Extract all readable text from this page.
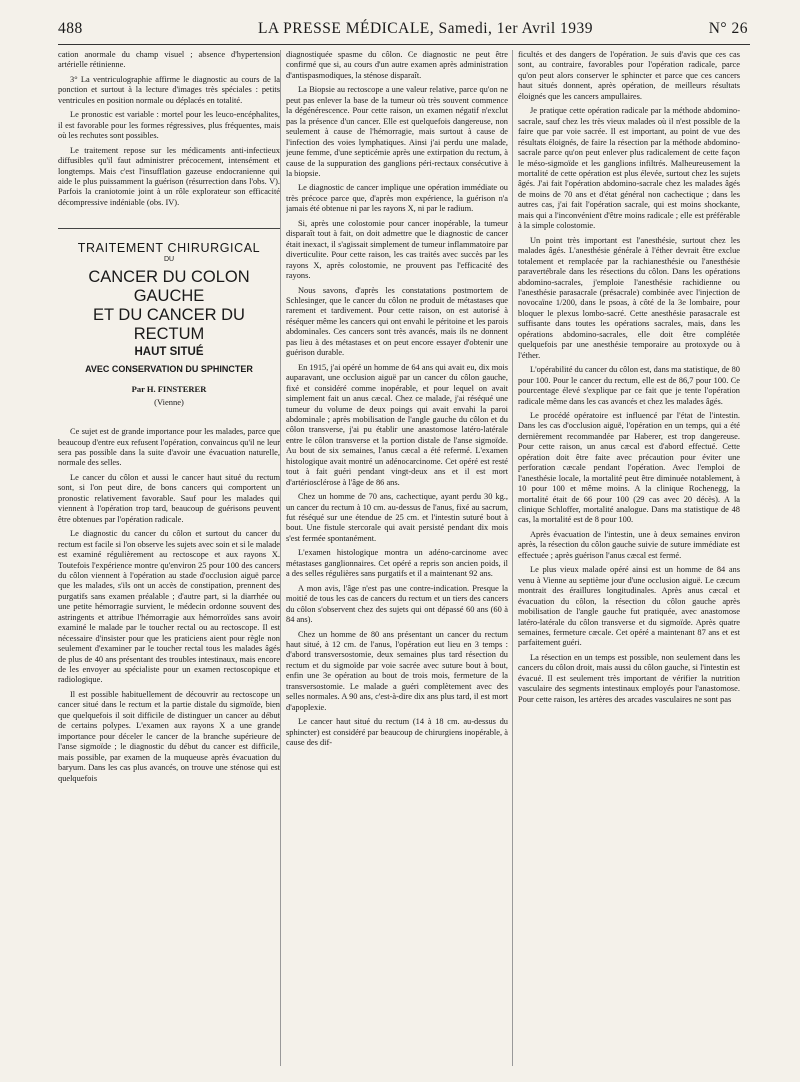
488	LA PRESSE MÉDICALE, Samedi, 1er Avril 1939	N° 26

cation anormale du champ visuel ; absence d'hypertension artérielle rétinienne.

3° La ventriculographie affirme le diagnostic au cours de la ponction et surtout à la lecture d'images très spéciales : petits ventricules en position normale ou déplacés en totalité.

Le pronostic est variable : mortel pour les leuco-encéphalites, il est favorable pour les formes régressives, plus fréquentes, mais où les rechutes sont possibles.

Le traitement repose sur les médicaments anti-infectieux diffusibles qu'il faut administrer précocement, intensément et longtemps. Mais c'est l'insufflation gazeuse endocranienne qui aide le plus puissamment la guérison (résurrection dans l'obs. V). Parfois la craniotomie joint à un rôle explorateur son efficacité décompressive indéniable (obs. IV).

TRAITEMENT CHIRURGICAL
DU
CANCER DU COLON GAUCHE
ET DU CANCER DU RECTUM
HAUT SITUÉ
AVEC CONSERVATION DU SPHINCTER
Par H. FINSTERER
(Vienne)

Ce sujet est de grande importance pour les malades, parce que beaucoup d'entre eux refusent l'opération, convaincus qu'il ne leur sera pas possible dans la suite d'avoir une évacuation naturelle, normale des selles.

Le cancer du côlon et aussi le cancer haut situé du rectum sont, si l'on peut dire, de bons cancers qui comportent un pronostic relativement favorable. Sauf pour les malades qui viennent à l'opération trop tard, beaucoup de guérisons peuvent être obtenues par l'opération radicale.

Le diagnostic du cancer du côlon et surtout du cancer du rectum est facile si l'on observe les sujets avec soin et si le malade est examiné régulièrement au rectoscope et aux rayons X. Toutefois l'expérience montre qu'environ 25 pour 100 des cancers du côlon viennent à l'opération au stade d'occlusion aiguë parce que les malades, s'ils ont un accès de constipation, prennent des purgatifs sans examen préalable ; d'autre part, si la diarrhée ou une petite hémorragie survient, le médecin ordonne souvent des astringents et attribue l'hémorragie aux hémorroïdes sans avoir examiné le malade par le toucher rectal ou au rectoscope. Il est nécessaire d'insister pour que les praticiens aient pour règle non seulement d'examiner par le toucher rectal tous les malades âgés de plus de 40 ans présentant des troubles intestinaux, mais encore de les envoyer au spécialiste pour un examen rectoscopique et radiologique.

Il est possible habituellement de découvrir au rectoscope un cancer situé dans le rectum et la partie distale du sigmoïde, bien que quelquefois il soit difficile de distinguer un cancer au début de certains polypes. L'examen aux rayons X a une grande importance pour déceler le cancer de la branche supérieure de l'anse sigmoïde ; le diagnostic du début du cancer est difficile, mais possible, par examen de la muqueuse après évacuation du baryum. Dans les cas plus avancés, on trouve une sténose qui est quelquefois

diagnostiquée spasme du côlon. Ce diagnostic ne peut être confirmé que si, au cours d'un autre examen après administration d'antispasmodiques, la sténose disparaît.

La Biopsie au rectoscope a une valeur relative, parce qu'on ne peut pas enlever la base de la tumeur où très souvent commence la dégénérescence. Pour cette raison, un examen négatif n'exclut pas la présence d'un cancer. Elle est quelquefois dangereuse, non seulement à cause de l'hémorragie, mais surtout à cause de l'infection des voies lymphatiques. Ainsi j'ai perdu une malade, jeune femme, d'une septicémie après une extirpation du rectum, à cause de la suppuration des ganglions péri-rectaux consécutive à la biopsie.

Le diagnostic de cancer implique une opération immédiate ou très précoce parce que, d'après mon expérience, la guérison n'a jamais été obtenue ni par les rayons X, ni par le radium.

Si, après une colostomie pour cancer inopérable, la tumeur disparaît tout à fait, on doit admettre que le diagnostic de cancer était inexact, il s'agissait simplement de tumeur inflammatoire par diverticulite. Pour cette raison, les cas traités avec succès par les rayons X, après colostomie, ne prouvent pas l'efficacité des rayons.

Nous savons, d'après les constatations postmortem de Schlesinger, que le cancer du côlon ne produit de métastases que rarement et tardivement. Pour cette raison, on est autorisé à réséquer même les cancers qui ont envahi le péritoine et les parois abdominales. Ces cancers sont très avancés, mais ils ne donnent pas lieu à des métastases et on peut encore essayer d'obtenir une guérison durable.

En 1915, j'ai opéré un homme de 64 ans qui avait eu, dix mois auparavant, une occlusion aiguë par un cancer du côlon gauche, fixé et considéré comme inopérable, et pour lequel on avait simplement fait un anus cæcal. Chez ce malade, j'ai réséqué une tumeur du volume de deux poings qui avait envahi la paroi abdominale ; après mobilisation de l'angle gauche du côlon et du côlon transverse, j'ai pu établir une anastomose latéro-latérale entre le côlon transverse et la portion distale de l'anse sigmoïde. Au bout de six semaines, l'anus cæcal a été refermé. L'examen histologique avait montré un adénocarcinome. Cet opéré est resté tout à fait guéri pendant vingt-deux ans et il est mort d'artériosclérose à l'âge de 86 ans.

Chez un homme de 70 ans, cachectique, ayant perdu 30 kg., un cancer du rectum à 10 cm. au-dessus de l'anus, fixé au sacrum, fut réséqué sur une étendue de 25 cm. et l'intestin suturé bout à bout. Une fistule stercorale qui avait persisté pendant dix mois s'est fermée spontanément.

L'examen histologique montra un adéno-carcinome avec métastases ganglionnaires. Cet opéré a repris son ancien poids, il a des selles régulières sans purgatifs et il a maintenant 92 ans.

A mon avis, l'âge n'est pas une contre-indication. Presque la moitié de tous les cas de cancers du rectum et un tiers des cancers du côlon s'observent chez des sujets qui ont dépassé 60 ans (60 à 84 ans).

Chez un homme de 80 ans présentant un cancer du rectum haut situé, à 12 cm. de l'anus, l'opération eut lieu en 3 temps : d'abord transversostomie, deux semaines plus tard résection du rectum et du sigmoïde par voie sacrée avec suture bout à bout, enfin une 3e opération au bout de trois mois, fermeture de la transversostomie. Le malade a guéri complètement avec des selles normales. A 90 ans, c'est-à-dire dix ans plus tard, il est mort d'apoplexie.

Le cancer haut situé du rectum (14 à 18 cm. au-dessus du sphincter) est considéré par beaucoup de chirurgiens inopérable, à cause des dif-

ficultés et des dangers de l'opération. Je suis d'avis que ces cas sont, au contraire, favorables pour l'opération radicale, parce qu'on peut alors conserver le sphincter et parce que ces cancers haut situés donnent, après opération, de meilleurs résultats éloignés que les cancers ampullaires.

Je pratique cette opération radicale par la méthode abdomino-sacrale, sauf chez les très vieux malades où il n'est possible de la faire que par voie sacrée. Il est important, au point de vue des résultats éloignés, de faire la résection par la méthode abdomino-sacrale parce qu'on peut enlever plus radicalement de cette façon le méso-sigmoïde et les ganglions infiltrés. Malheureusement la mortalité de cette opération est plus élevée, surtout chez les sujets âgés. J'ai fait l'opération abdomino-sacrale chez les malades âgés de moins de 70 ans et d'état général non cachectique ; dans les autres cas, j'ai fait l'opération sacrale, qui est moins shockante, mais qui a l'inconvénient d'être moins radicale ; elle est préférable à la simple colostomie.

Un point très important est l'anesthésie, surtout chez les malades âgés. L'anesthésie générale à l'éther devrait être exclue totalement et remplacée par la rachianesthésie ou l'anesthésie paravertébrale dans les résections du côlon. Dans les opérations abdomino-sacrales, j'emploie l'anesthésie rachidienne ou l'anesthésie parasacrale (présacrale) combinée avec l'injection de novocaïne 1/200, dans le psoas, à côté de la 3e lombaire, pour bloquer le plexus lombo-sacré. Cette anesthésie parasacrale est suffisante dans toutes les opérations sacrales, mais, dans les opérations abdomino-sacrales, elle doit être complétée quelquefois par une anesthésie temporaire au protoxyde ou à l'éther.

L'opérabilité du cancer du côlon est, dans ma statistique, de 80 pour 100. Pour le cancer du rectum, elle est de 86,7 pour 100. Ce pourcentage élevé s'explique par ce fait que je tente l'opération radicale même dans les cas avancés et chez les malades âgés.

Le procédé opératoire est influencé par l'état de l'intestin. Dans les cas d'occlusion aiguë, l'opération en un temps, qui a été dernièrement recommandée par Haberer, est trop dangereuse. Pour cette raison, un anus cæcal est d'abord effectué. Cette opération doit être faite avec précaution pour éviter une perforation cæcale pendant l'opération. Avec l'emploi de l'anesthésie locale, la mortalité peut être diminuée notablement, à 10 pour 100 et même moins. A la clinique Rochenegg, la mortalité était de 66 pour 100 (29 cas avec 20 décès). A la clinique Schloffer, mortalité analogue. Dans ma statistique de 48 cas, la mortalité est de 8 pour 100.

Après évacuation de l'intestin, une à deux semaines environ après, la résection du côlon gauche suivie de suture immédiate est effectuée ; après guérison l'anus cæcal est fermé.

Le plus vieux malade opéré ainsi est un homme de 84 ans venu à Vienne au septième jour d'une occlusion aiguë. Le cæcum montrait des éraillures longitudinales. Après anus cæcal et évacuation du côlon, la résection du côlon gauche après mobilisation de l'angle gauche fut pratiquée, avec anastomose latéro-latérale du côlon transverse et du sigmoïde. Après quatre semaines, fermeture cæcale. Cet opéré a maintenant 87 ans et est parfaitement guéri.

La résection en un temps est possible, non seulement dans les cancers du côlon droit, mais aussi du côlon gauche, si l'intestin est évacué. Il est seulement très important de vérifier la nutrition vasculaire des segments intestinaux employés pour l'anastomose. Pour cette raison, les artères des arcades vasculaires ne sont pas
